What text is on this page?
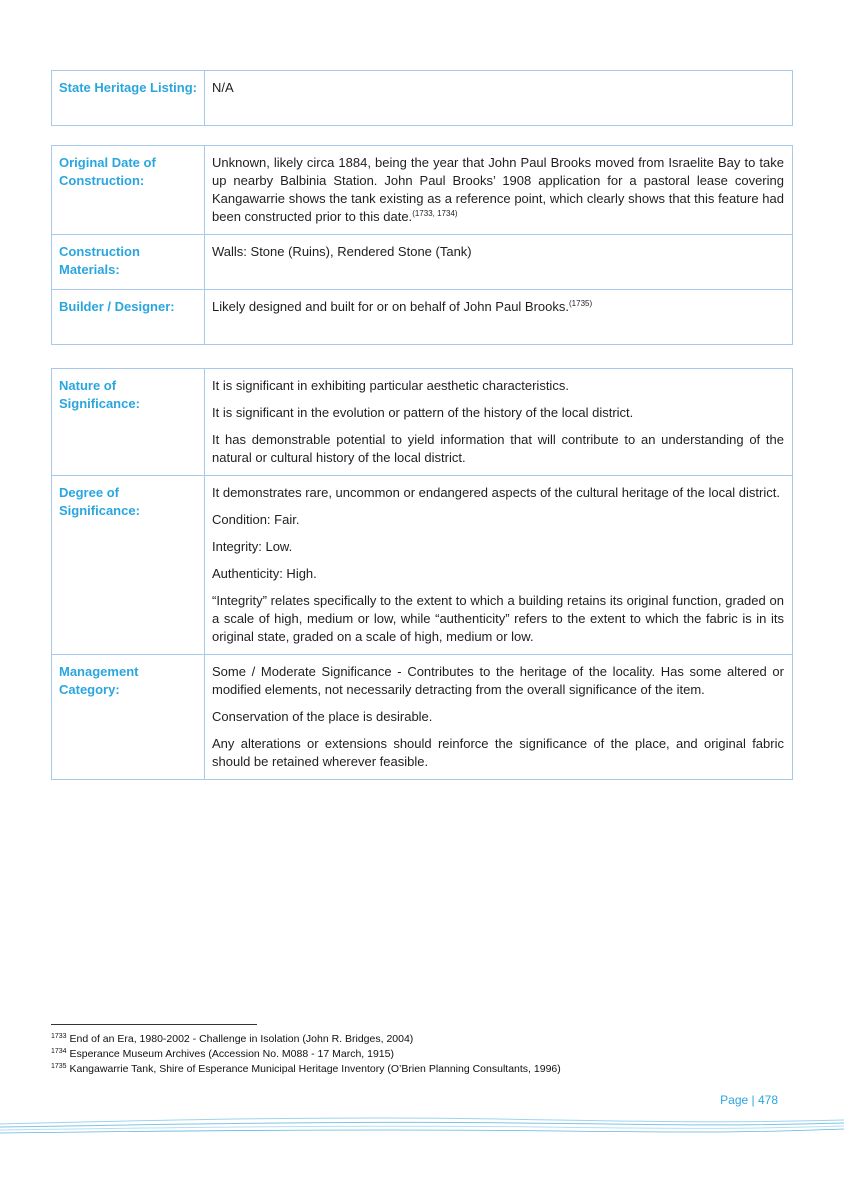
State Heritage Listing:	N/A
Original Date of Construction:	Unknown, likely circa 1884, being the year that John Paul Brooks moved from Israelite Bay to take up nearby Balbinia Station. John Paul Brooks’ 1908 application for a pastoral lease covering Kangawarrie shows the tank existing as a reference point, which clearly shows that this feature had been constructed prior to this date.$^{(1733, 1734)}$
Construction Materials:	Walls: Stone (Ruins), Rendered Stone (Tank)
Builder / Designer:	Likely designed and built for or on behalf of John Paul Brooks.$^{(1735)}$
Nature of Significance:	It is significant in exhibiting particular aesthetic characteristics.

It is significant in the evolution or pattern of the history of the local district.

It has demonstrable potential to yield information that will contribute to an understanding of the natural or cultural history of the local district.

Degree of Significance:	It demonstrates rare, uncommon or endangered aspects of the cultural heritage of the local district.

Condition: Fair.

Integrity: Low.

Authenticity: High.

“Integrity” relates specifically to the extent to which a building retains its original function, graded on a scale of high, medium or low, while “authenticity” refers to the extent to which the fabric is in its original state, graded on a scale of high, medium or low.

Management Category:	Some / Moderate Significance - Contributes to the heritage of the locality. Has some altered or modified elements, not necessarily detracting from the overall significance of the item.

Conservation of the place is desirable.

Any alterations or extensions should reinforce the significance of the place, and original fabric should be retained wherever feasible.

$^{1733}$ End of an Era, 1980-2002 - Challenge in Isolation (John R. Bridges, 2004)
$^{1734}$ Esperance Museum Archives (Accession No. M088 - 17 March, 1915)
$^{1735}$ Kangawarrie Tank, Shire of Esperance Municipal Heritage Inventory (O’Brien Planning Consultants, 1996)
Page | 478
